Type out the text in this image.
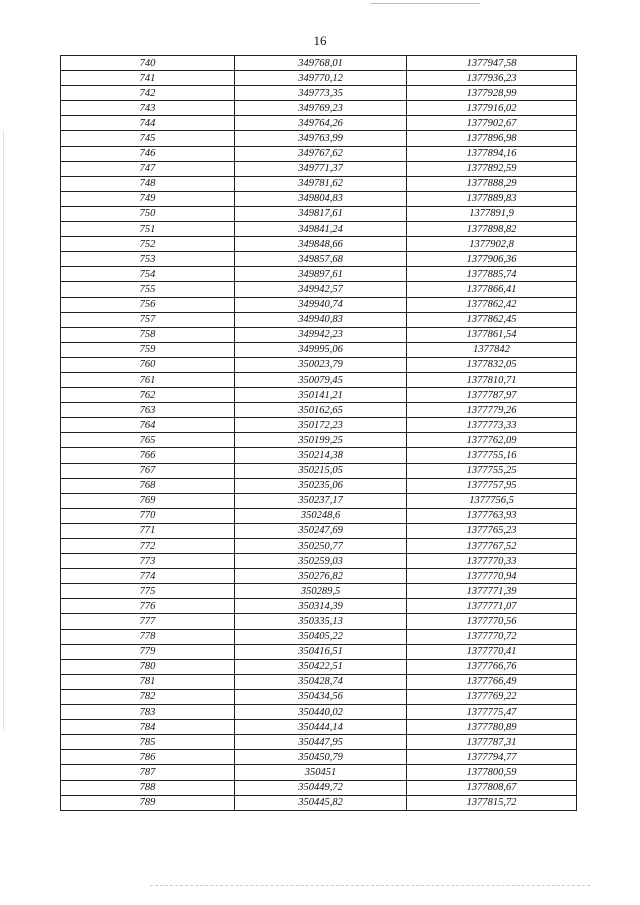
16
740	349768,01	1377947,58
741	349770,12	1377936,23
742	349773,35	1377928,99
743	349769,23	1377916,02
744	349764,26	1377902,67
745	349763,99	1377896,98
746	349767,62	1377894,16
747	349771,37	1377892,59
748	349781,62	1377888,29
749	349804,83	1377889,83
750	349817,61	1377891,9
751	349841,24	1377898,82
752	349848,66	1377902,8
753	349857,68	1377906,36
754	349897,61	1377885,74
755	349942,57	1377866,41
756	349940,74	1377862,42
757	349940,83	1377862,45
758	349942,23	1377861,54
759	349995,06	1377842
760	350023,79	1377832,05
761	350079,45	1377810,71
762	350141,21	1377787,97
763	350162,65	1377779,26
764	350172,23	1377773,33
765	350199,25	1377762,09
766	350214,38	1377755,16
767	350215,05	1377755,25
768	350235,06	1377757,95
769	350237,17	1377756,5
770	350248,6	1377763,93
771	350247,69	1377765,23
772	350250,77	1377767,52
773	350259,03	1377770,33
774	350276,82	1377770,94
775	350289,5	1377771,39
776	350314,39	1377771,07
777	350335,13	1377770,56
778	350405,22	1377770,72
779	350416,51	1377770,41
780	350422,51	1377766,76
781	350428,74	1377766,49
782	350434,56	1377769,22
783	350440,02	1377775,47
784	350444,14	1377780,89
785	350447,95	1377787,31
786	350450,79	1377794,77
787	350451	1377800,59
788	350449,72	1377808,67
789	350445,82	1377815,72
